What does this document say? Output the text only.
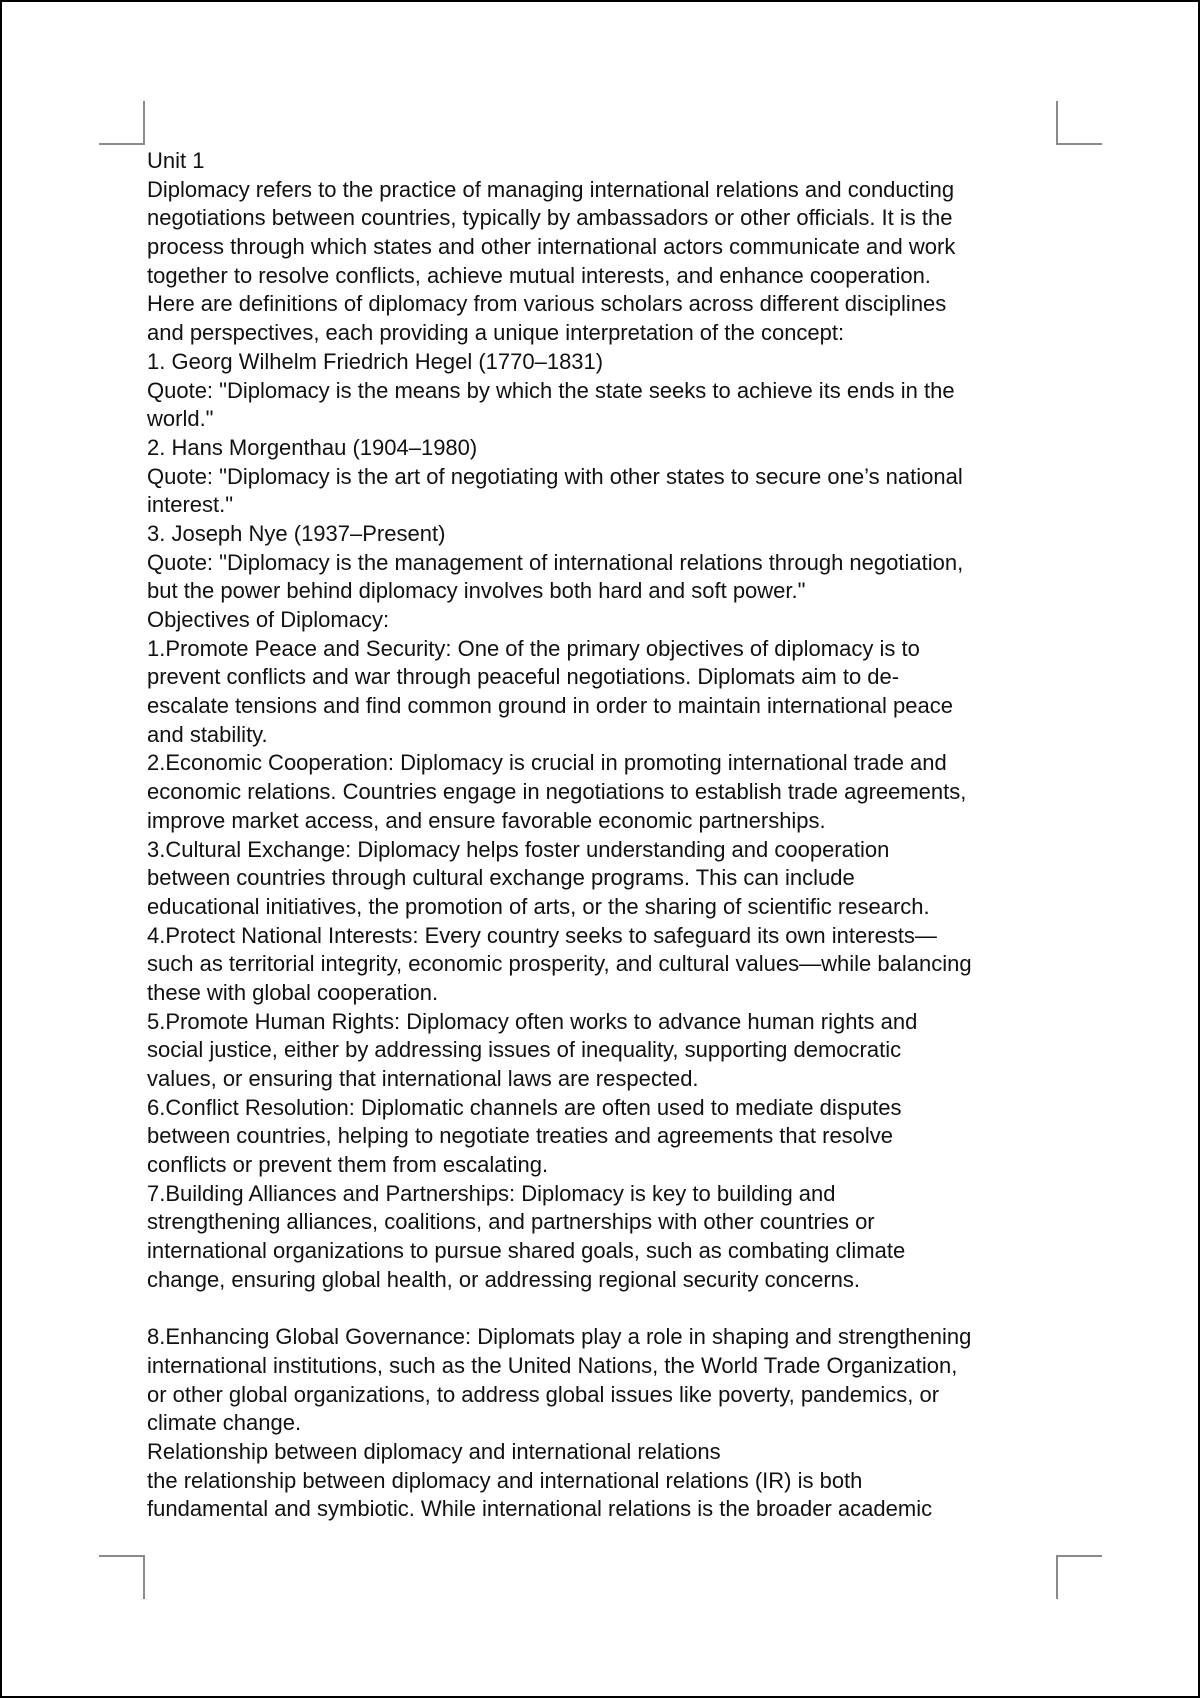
Unit 1
Diplomacy refers to the practice of managing international relations and conducting
negotiations between countries, typically by ambassadors or other officials. It is the
process through which states and other international actors communicate and work
together to resolve conflicts, achieve mutual interests, and enhance cooperation.
Here are definitions of diplomacy from various scholars across different disciplines
and perspectives, each providing a unique interpretation of the concept:
1. Georg Wilhelm Friedrich Hegel (1770–1831)
Quote: "Diplomacy is the means by which the state seeks to achieve its ends in the
world."
2. Hans Morgenthau (1904–1980)
Quote: "Diplomacy is the art of negotiating with other states to secure one’s national
interest."
3. Joseph Nye (1937–Present)
Quote: "Diplomacy is the management of international relations through negotiation,
but the power behind diplomacy involves both hard and soft power."
Objectives of Diplomacy:
1.Promote Peace and Security: One of the primary objectives of diplomacy is to
prevent conflicts and war through peaceful negotiations. Diplomats aim to de-
escalate tensions and find common ground in order to maintain international peace
and stability.
2.Economic Cooperation: Diplomacy is crucial in promoting international trade and
economic relations. Countries engage in negotiations to establish trade agreements,
improve market access, and ensure favorable economic partnerships.
3.Cultural Exchange: Diplomacy helps foster understanding and cooperation
between countries through cultural exchange programs. This can include
educational initiatives, the promotion of arts, or the sharing of scientific research.
4.Protect National Interests: Every country seeks to safeguard its own interests—
such as territorial integrity, economic prosperity, and cultural values—while balancing
these with global cooperation.
5.Promote Human Rights: Diplomacy often works to advance human rights and
social justice, either by addressing issues of inequality, supporting democratic
values, or ensuring that international laws are respected.
6.Conflict Resolution: Diplomatic channels are often used to mediate disputes
between countries, helping to negotiate treaties and agreements that resolve
conflicts or prevent them from escalating.
7.Building Alliances and Partnerships: Diplomacy is key to building and
strengthening alliances, coalitions, and partnerships with other countries or
international organizations to pursue shared goals, such as combating climate
change, ensuring global health, or addressing regional security concerns.
8.Enhancing Global Governance: Diplomats play a role in shaping and strengthening
international institutions, such as the United Nations, the World Trade Organization,
or other global organizations, to address global issues like poverty, pandemics, or
climate change.
Relationship between diplomacy and international relations
the relationship between diplomacy and international relations (IR) is both
fundamental and symbiotic. While international relations is the broader academic
